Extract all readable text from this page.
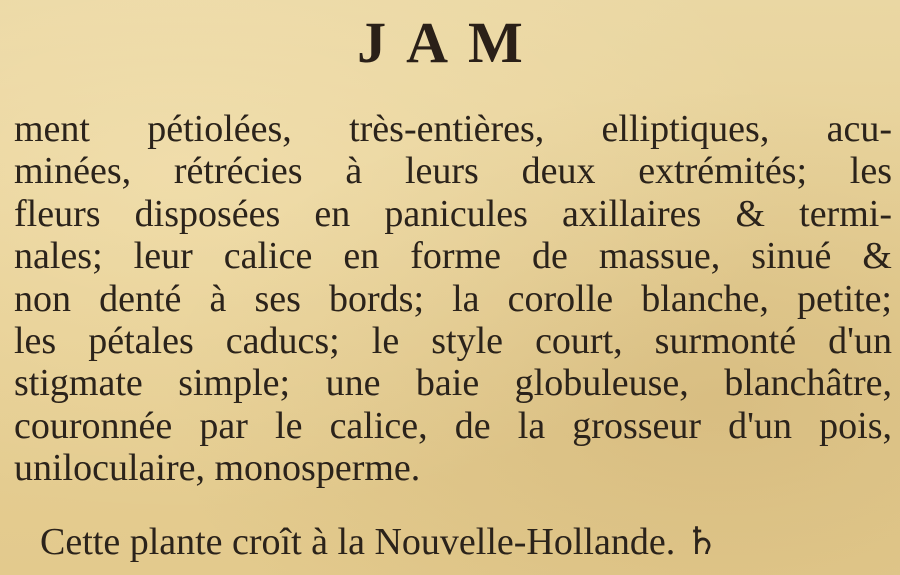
JAM
ment pétiolées, très-entières, elliptiques, acu-
minées, rétrécies à leurs deux extrémités; les
fleurs disposées en panicules axillaires & termi-
nales; leur calice en forme de massue, sinué &
non denté à ses bords; la corolle blanche, petite;
les pétales caducs; le style court, surmonté d'un
stigmate simple; une baie globuleuse, blanchâtre,
couronnée par le calice, de la grosseur d'un pois,
uniloculaire, monosperme.
Cette plante croît à la Nouvelle-Hollande. ♄
